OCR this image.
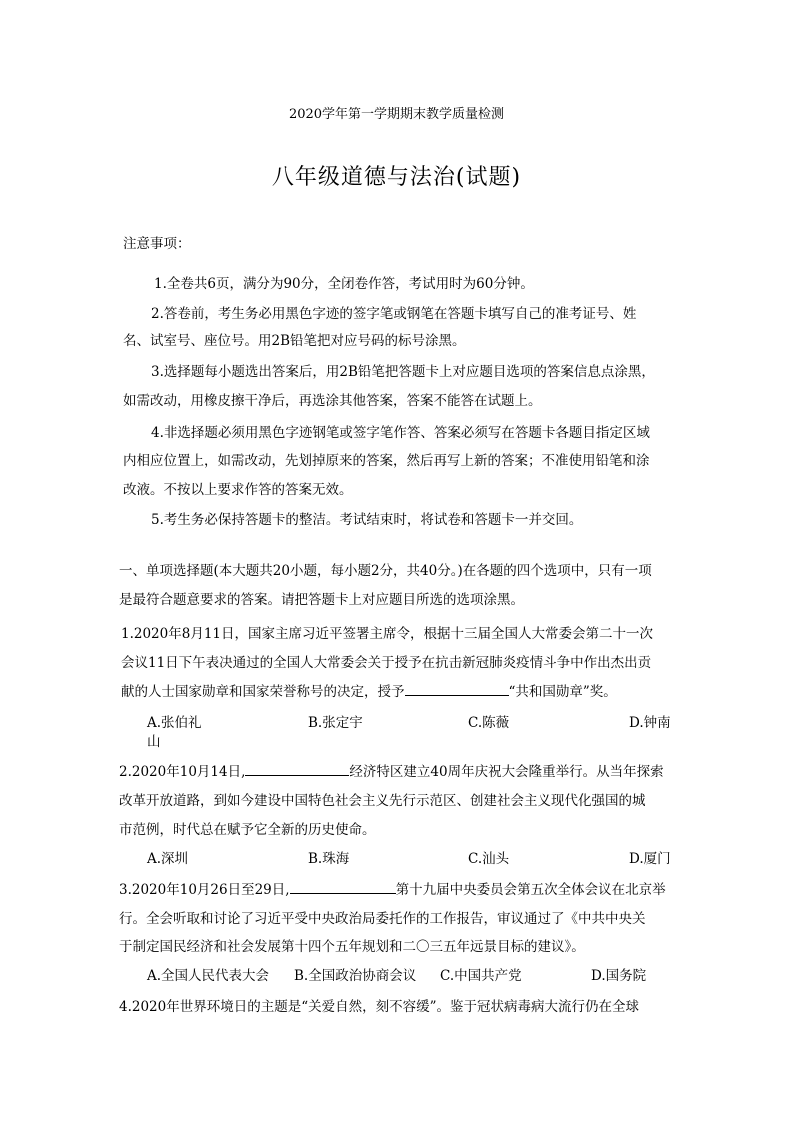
2020学年第一学期期末教学质量检测
八年级道德与法治(试题)
注意事项：
1.全卷共6页，满分为90分，全闭卷作答，考试用时为60分钟。
2.答卷前，考生务必用黑色字迹的签字笔或钢笔在答题卡填写自己的准考证号、姓
名、试室号、座位号。用2B铅笔把对应号码的标号涂黑。
3.选择题每小题选出答案后，用2B铅笔把答题卡上对应题目选项的答案信息点涂黑，
如需改动，用橡皮擦干净后，再选涂其他答案，答案不能答在试题上。
4.非选择题必须用黑色字迹钢笔或签字笔作答、答案必须写在答题卡各题目指定区域
内相应位置上，如需改动，先划掉原来的答案，然后再写上新的答案；不准使用铅笔和涂
改液。不按以上要求作答的答案无效。
5.考生务必保持答题卡的整洁。考试结束时，将试卷和答题卡一并交回。
一、单项选择题(本大题共20小题，每小题2分，共40分。)在各题的四个选项中，只有一项
是最符合题意要求的答案。请把答题卡上对应题目所选的选项涂黑。
1.2020年8月11日，国家主席习近平签署主席令，根据十三届全国人大常委会第二十一次
会议11日下午表决通过的全国人大常委会关于授予在抗击新冠肺炎疫情斗争中作出杰出贡
献的人士国家勋章和国家荣誉称号的决定，授予	“共和国勋章”奖。
A.张伯礼	B.张定宇	C.陈薇	D.钟南
山
2.2020年10月14日,	经济特区建立40周年庆祝大会隆重举行。从当年探索
改革开放道路，到如今建设中国特色社会主义先行示范区、创建社会主义现代化强国的城
市范例，时代总在赋予它全新的历史使命。
A.深圳	B.珠海	C.汕头	D.厦门
3.2020年10月26日至29日,	第十九届中央委员会第五次全体会议在北京举
行。全会听取和讨论了习近平受中央政治局委托作的工作报告，审议通过了《中共中央关
于制定国民经济和社会发展第十四个五年规划和二〇三五年远景目标的建议》。
A.全国人民代表大会 B.全国政治协商会议 C.中国共产党	D.国务院
4.2020年世界环境日的主题是“关爱自然，刻不容缓”。鉴于冠状病毒病大流行仍在全球
